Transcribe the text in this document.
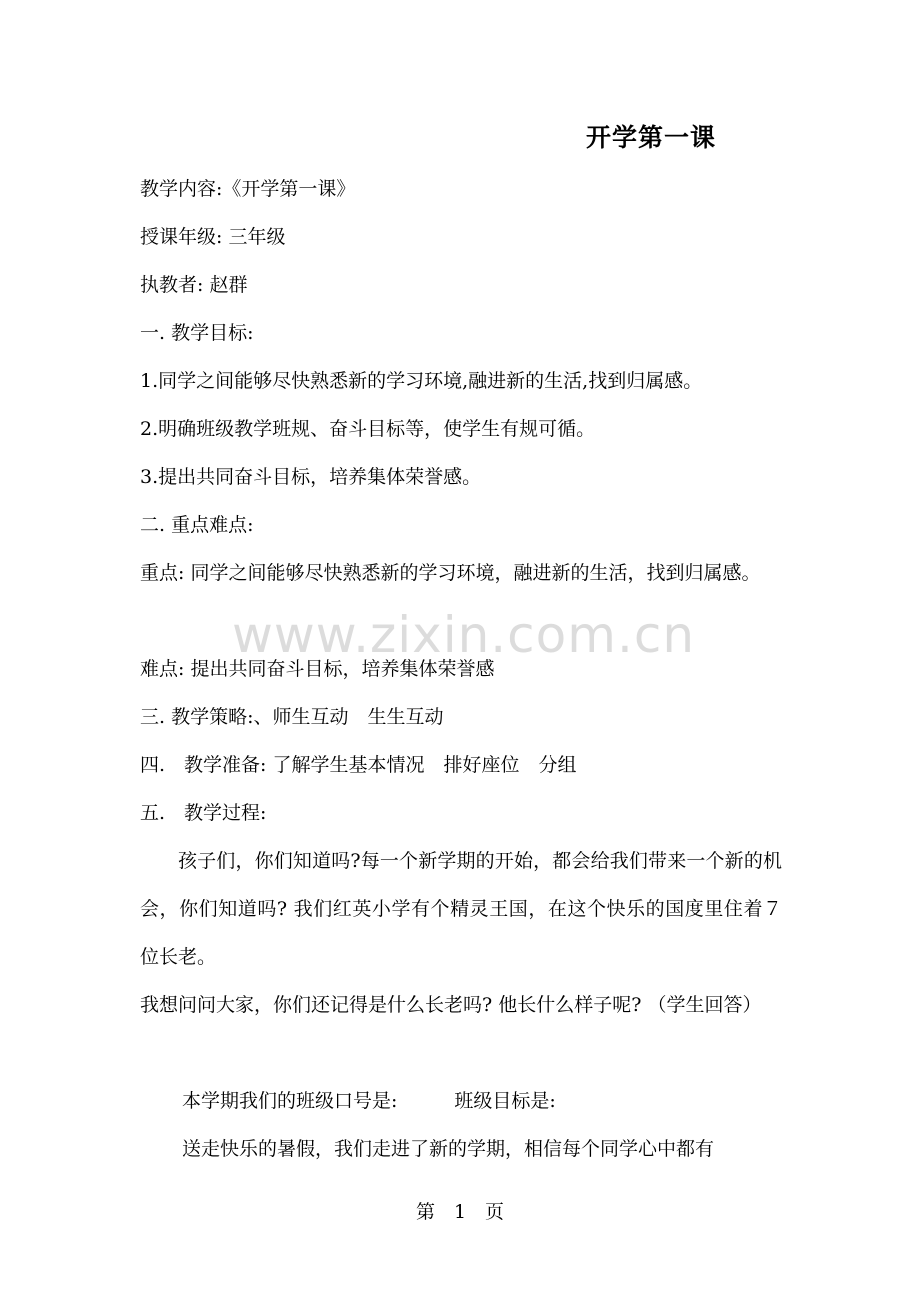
www.zixin.com.cn
开学第一课
教学内容:《开学第一课》
授课年级: 三年级
执教者: 赵群
一. 教学目标:
1.同学之间能够尽快熟悉新的学习环境,融进新的生活,找到归属感。
2.明确班级教学班规、奋斗目标等，使学生有规可循。
3.提出共同奋斗目标，培养集体荣誉感。
二. 重点难点:
重点: 同学之间能够尽快熟悉新的学习环境，融进新的生活，找到归属感。
难点: 提出共同奋斗目标，培养集体荣誉感
三. 教学策略:、师生互动　生生互动
四.　教学准备: 了解学生基本情况　排好座位　分组
五.　教学过程:
孩子们，你们知道吗?每一个新学期的开始，都会给我们带来一个新的机会，你们知道吗? 我们红英小学有个精灵王国，在这个快乐的国度里住着７位长老。
我想问问大家，你们还记得是什么长老吗? 他长什么样子呢? （学生回答）
本学期我们的班级口号是:　　　班级目标是:
送走快乐的暑假，我们走进了新的学期，相信每个同学心中都有
第　1　页
